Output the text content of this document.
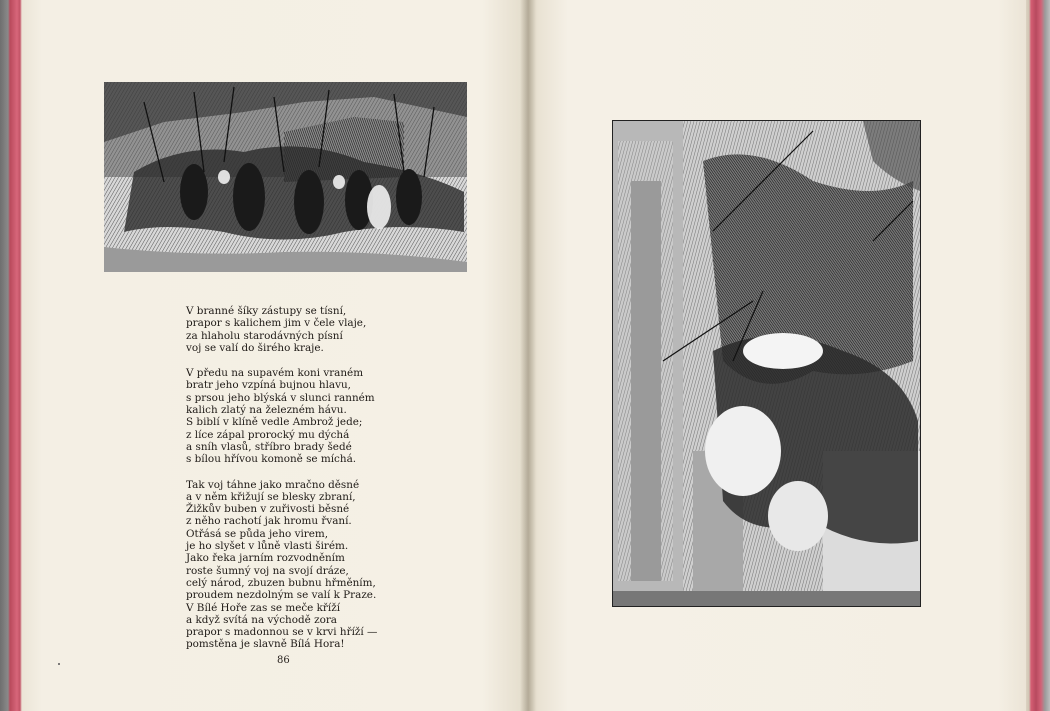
V branné šíky zástupy se tísní,
prapor s kalichem jim v čele vlaje,
za hlaholu starodávných písní
voj se valí do širého kraje.
V předu na supavém koni vraném
bratr jeho vzpíná bujnou hlavu,
s prsou jeho blýská v slunci ranném
kalich zlatý na železném hávu.
S biblí v klíně vedle Ambrož jede;
z líce zápal prorocký mu dýchá
a sníh vlasů, stříbro brady šedé
s bílou hřívou komoně se míchá.
Tak voj táhne jako mračno děsné
a v něm křižují se blesky zbraní,
Žižkův buben v zuřivosti běsné
z něho rachotí jak hromu řvaní.
Otřásá se půda jeho virem,
je ho slyšet v lůně vlasti širém.
Jako řeka jarním rozvodněním
roste šumný voj na svojí dráze,
celý národ, zbuzen bubnu hřměním,
proudem nezdolným se valí k Praze.
V Bílé Hoře zas se meče kříží
a když svítá na východě zora
prapor s madonnou se v krvi hříží —
pomstěna je slavně Bílá Hora!
86
